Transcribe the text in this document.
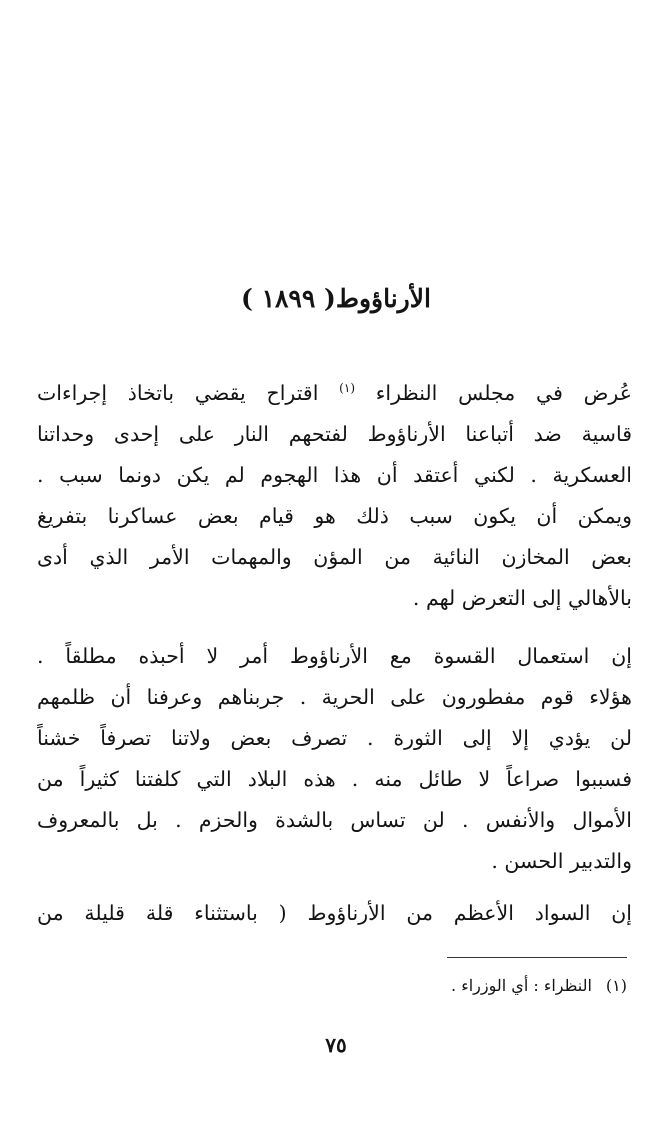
الأرناؤوط( ١٨٩٩ )
عُرض في مجلس النظراء $^{(١)}$ اقتراح يقضي باتخاذ إجراءات
قاسية ضد أتباعنا الأرناؤوط لفتحهم النار على إحدى وحداتنا
العسكرية . لكني أعتقد أن هذا الهجوم لم يكن دونما سبب .
ويمكن أن يكون سبب ذلك هو قيام بعض عساكرنا بتفريغ
بعض المخازن النائية من المؤن والمهمات الأمر الذي أدى
بالأهالي إلى التعرض لهم .
إن استعمال القسوة مع الأرناؤوط أمر لا أحبذه مطلقاً .
هؤلاء قوم مفطورون على الحرية . جربناهم وعرفنا أن ظلمهم
لن يؤدي إلا إلى الثورة . تصرف بعض ولاتنا تصرفاً خشناً
فسببوا صراعاً لا طائل منه . هذه البلاد التي كلفتنا كثيراً من
الأموال والأنفس . لن تساس بالشدة والحزم . بل بالمعروف
والتدبير الحسن .
إن السواد الأعظم من الأرناؤوط ( باستثناء قلة قليلة من
(١)النظراء : أي الوزراء .
٧٥
